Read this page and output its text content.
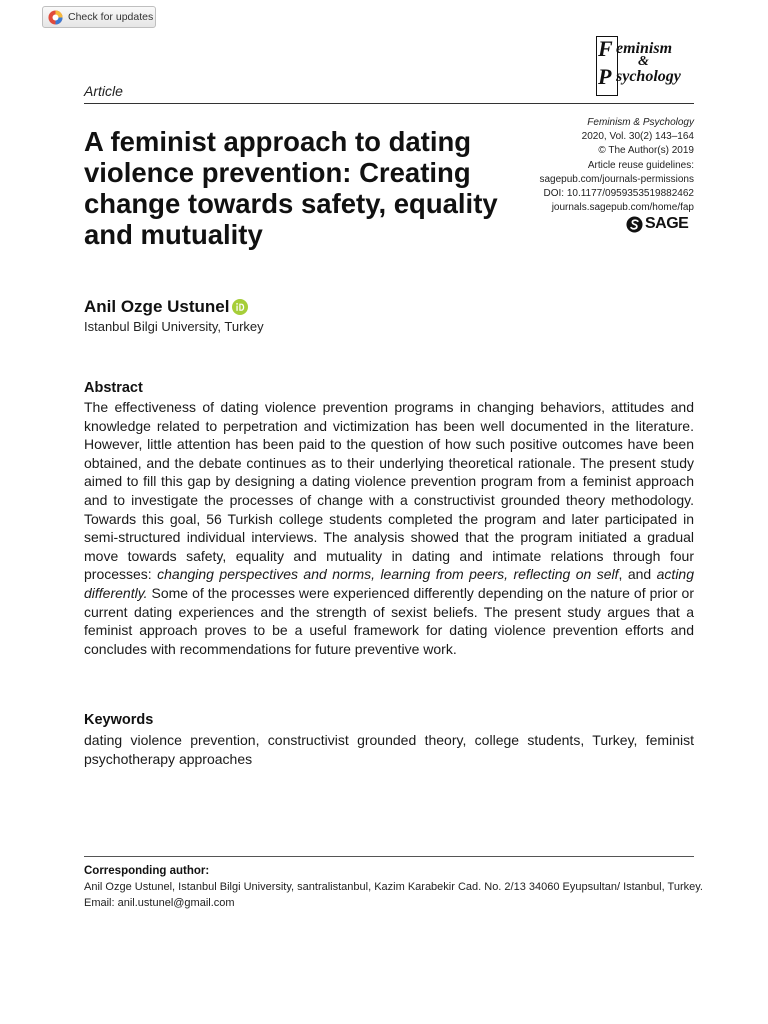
Check for updates
F eminism
&
P sychology
Article
Feminism & Psychology
2020, Vol. 30(2) 143–164
© The Author(s) 2019
Article reuse guidelines:
sagepub.com/journals-permissions
DOI: 10.1177/0959353519882462
journals.sagepub.com/home/fap
SAGE
A feminist approach to dating violence prevention: Creating change towards safety, equality and mutuality
Anil Ozge Ustunel
Istanbul Bilgi University, Turkey
Abstract

The effectiveness of dating violence prevention programs in changing behaviors, attitudes and knowledge related to perpetration and victimization has been well documented in the literature. However, little attention has been paid to the question of how such positive outcomes have been obtained, and the debate continues as to their underlying theoretical rationale. The present study aimed to fill this gap by designing a dating violence prevention program from a feminist approach and to investigate the processes of change with a constructivist grounded theory methodology. Towards this goal, 56 Turkish college students completed the program and later participated in semi-structured individual interviews. The analysis showed that the program initiated a gradual move towards safety, equality and mutuality in dating and intimate relations through four processes: changing perspectives and norms, learning from peers, reflecting on self, and acting differently. Some of the processes were experienced differently depending on the nature of prior or current dating experiences and the strength of sexist beliefs. The present study argues that a feminist approach proves to be a useful framework for dating violence prevention efforts and concludes with recommendations for future preventive work.

Keywords

dating violence prevention, constructivist grounded theory, college students, Turkey, feminist psychotherapy approaches

Corresponding author:
Anil Ozge Ustunel, Istanbul Bilgi University, santralistanbul, Kazim Karabekir Cad. No. 2/13 34060 Eyupsultan/ Istanbul, Turkey.
Email: anil.ustunel@gmail.com
